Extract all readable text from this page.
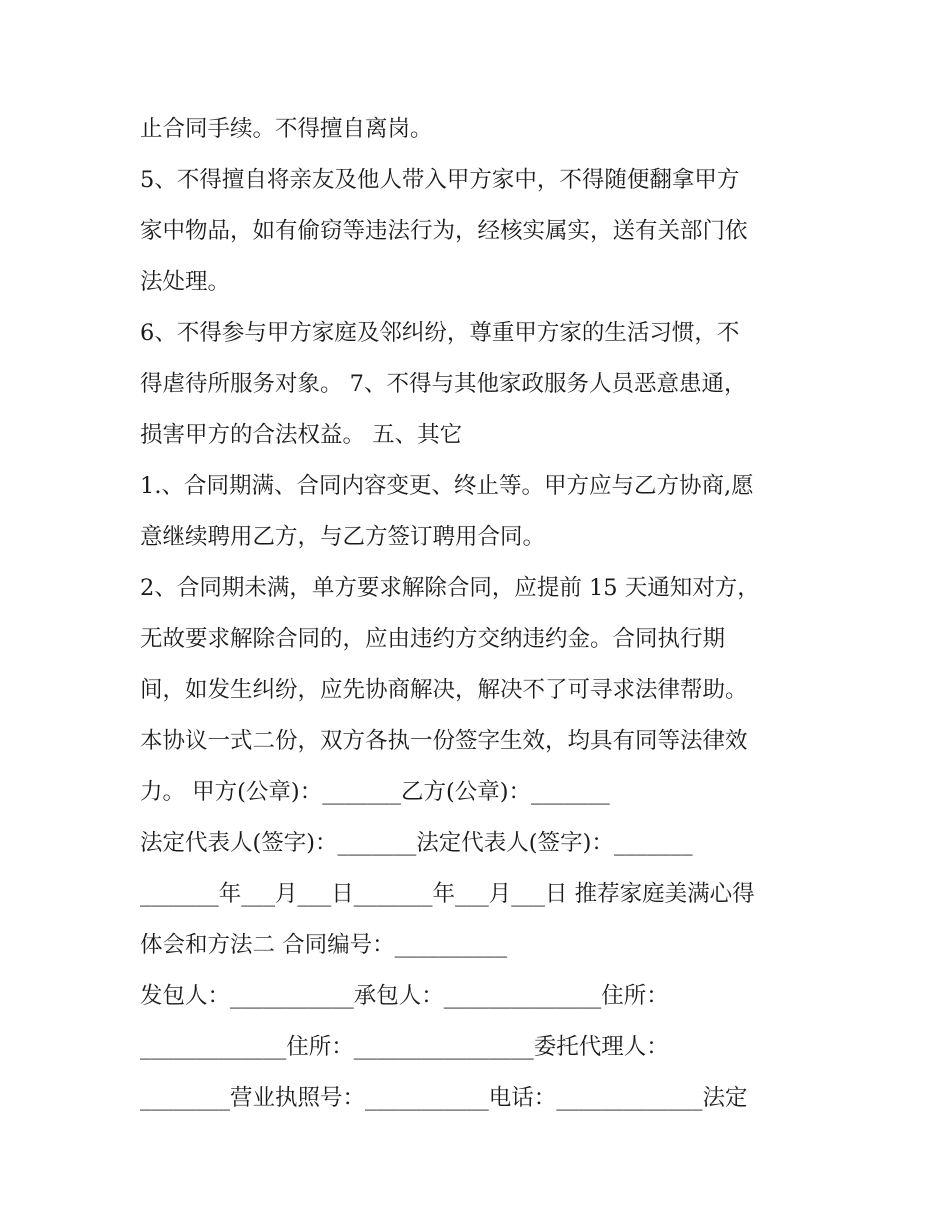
止合同手续。不得擅自离岗。
5、不得擅自将亲友及他人带入甲方家中，不得随便翻拿甲方
家中物品，如有偷窃等违法行为，经核实属实，送有关部门依
法处理。
6、不得参与甲方家庭及邻纠纷，尊重甲方家的生活习惯，不
得虐待所服务对象。 7、不得与其他家政服务人员恶意患通，
损害甲方的合法权益。 五、其它
1.、合同期满、合同内容变更、终止等。甲方应与乙方协商,愿
意继续聘用乙方，与乙方签订聘用合同。
2、合同期未满，单方要求解除合同，应提前 15 天通知对方，
无故要求解除合同的，应由违约方交纳违约金。合同执行期
间，如发生纠纷，应先协商解决，解决不了可寻求法律帮助。
本协议一式二份，双方各执一份签字生效，均具有同等法律效
力。 甲方(公章)：_______乙方(公章)：_______
法定代表人(签字)：_______法定代表人(签字)：_______
_______年___月___日_______年___月___日 推荐家庭美满心得
体会和方法二 合同编号：__________
发包人：___________承包人：______________住所：
_____________住所：________________委托代理人：
________营业执照号：___________电话：_____________法定
